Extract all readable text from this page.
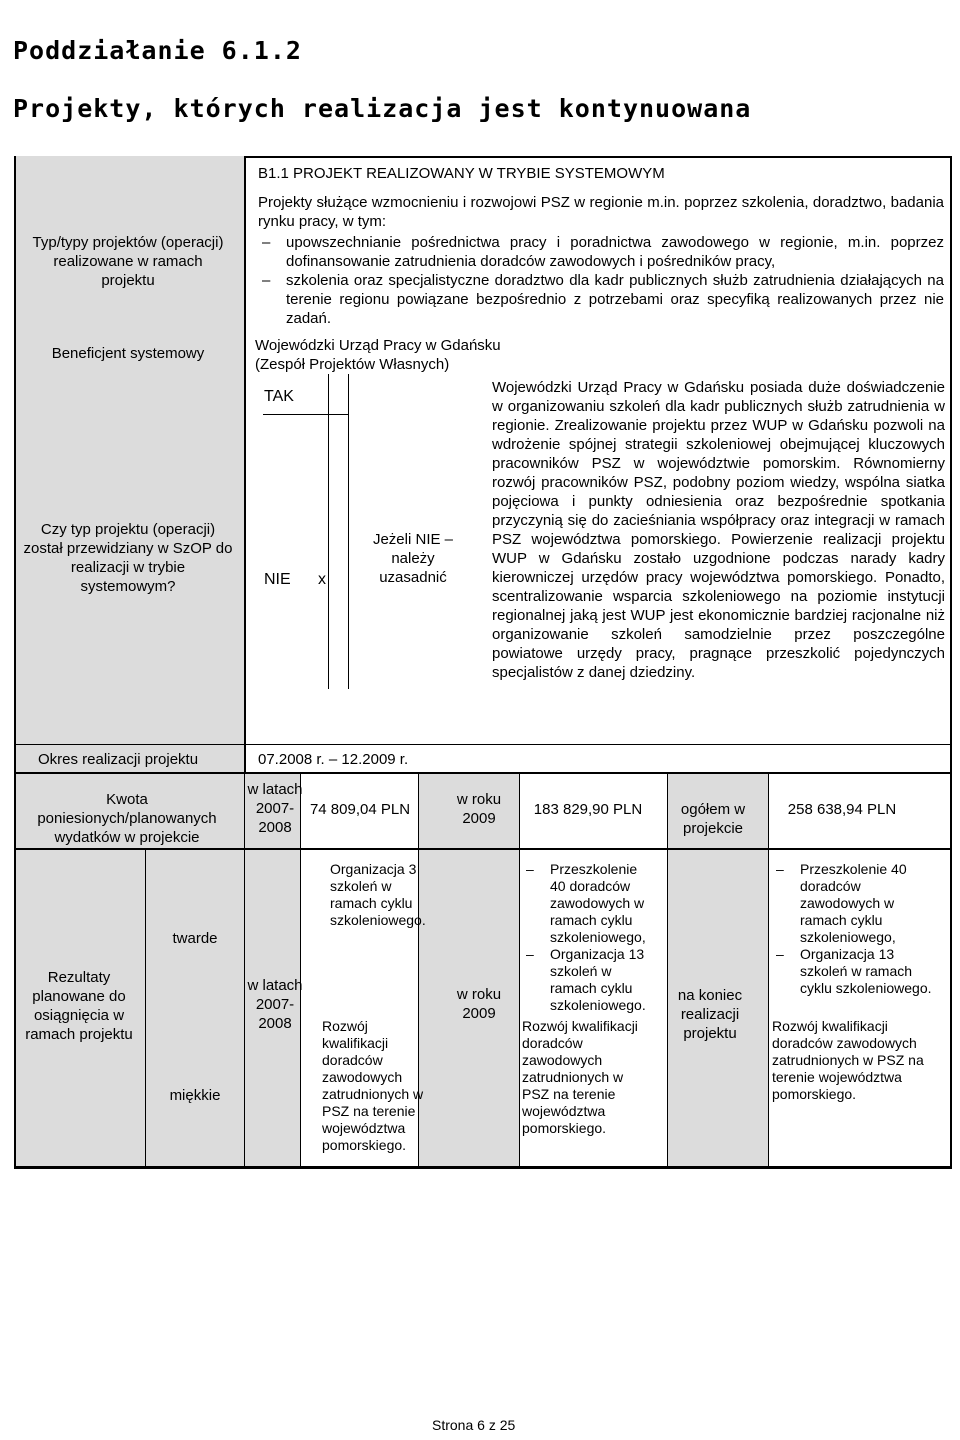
Poddziałanie 6.1.2
Projekty, których realizacja jest kontynuowana
Typ/typy projektów (operacji) realizowane w ramach projektu
Beneficjent systemowy
Czy typ projektu (operacji) został przewidziany w SzOP do realizacji w trybie systemowym?
Okres realizacji projektu
Kwota poniesionych/planowanych wydatków w projekcie
Rezultaty planowane do osiągnięcia w ramach projektu
twarde
miękkie
B1.1 PROJEKT REALIZOWANY W TRYBIE SYSTEMOWYM
Projekty służące wzmocnieniu i rozwojowi PSZ w regionie m.in. poprzez szkolenia, doradztwo, badania rynku pracy, w tym:
– upowszechnianie pośrednictwa pracy i poradnictwa zawodowego w regionie, m.in. poprzez dofinansowanie zatrudnienia doradców zawodowych i pośredników pracy,
– szkolenia oraz specjalistyczne doradztwo dla kadr publicznych służb zatrudnienia działających na terenie regionu powiązane bezpośrednio z potrzebami oraz specyfiką realizowanych przez nie zadań.
Wojewódzki Urząd Pracy w Gdańsku
(Zespół Projektów Własnych)
TAK
NIE x
Jeżeli NIE – należy uzasadnić
Wojewódzki Urząd Pracy w Gdańsku posiada duże doświadczenie w organizowaniu szkoleń dla kadr publicznych służb zatrudnienia w regionie. Zrealizowanie projektu przez WUP w Gdańsku pozwoli na wdrożenie spójnej strategii szkoleniowej obejmującej kluczowych pracowników PSZ w województwie pomorskim. Równomierny rozwój pracowników PSZ, podobny poziom wiedzy, wspólna siatka pojęciowa i punkty odniesienia oraz bezpośrednie spotkania przyczynią się do zacieśniania współpracy oraz integracji w ramach PSZ województwa pomorskiego. Powierzenie realizacji projektu WUP w Gdańsku zostało uzgodnione podczas narady kadry kierowniczej urzędów pracy województwa pomorskiego. Ponadto, scentralizowanie wsparcia szkoleniowego na poziomie instytucji regionalnej jaką jest WUP jest ekonomicznie bardziej racjonalne niż organizowanie szkoleń samodzielnie przez poszczególne powiatowe urzędy pracy, pragnące przeszkolić pojedynczych specjalistów z danej dziedziny.
07.2008 r. – 12.2009 r.
w latach 2007-2008
74 809,04 PLN
w roku 2009
183 829,90 PLN	ogółem w projekcie
258 638,94 PLN
w latach 2007-2008
w roku 2009
na koniec realizacji projektu
Organizacja 3 szkoleń w ramach cyklu szkoleniowego.
– Przeszkolenie 40 doradców zawodowych w ramach cyklu szkoleniowego,
– Organizacja 13 szkoleń w ramach cyklu szkoleniowego.
– Przeszkolenie 40 doradców zawodowych w ramach cyklu szkoleniowego,
– Organizacja 13 szkoleń w ramach cyklu szkoleniowego.
Rozwój kwalifikacji doradców zawodowych zatrudnionych w PSZ na terenie województwa pomorskiego.
Rozwój kwalifikacji doradców zawodowych zatrudnionych w PSZ na terenie województwa pomorskiego.
Rozwój kwalifikacji doradców zawodowych zatrudnionych w PSZ na terenie województwa pomorskiego.
Strona 6 z 25
